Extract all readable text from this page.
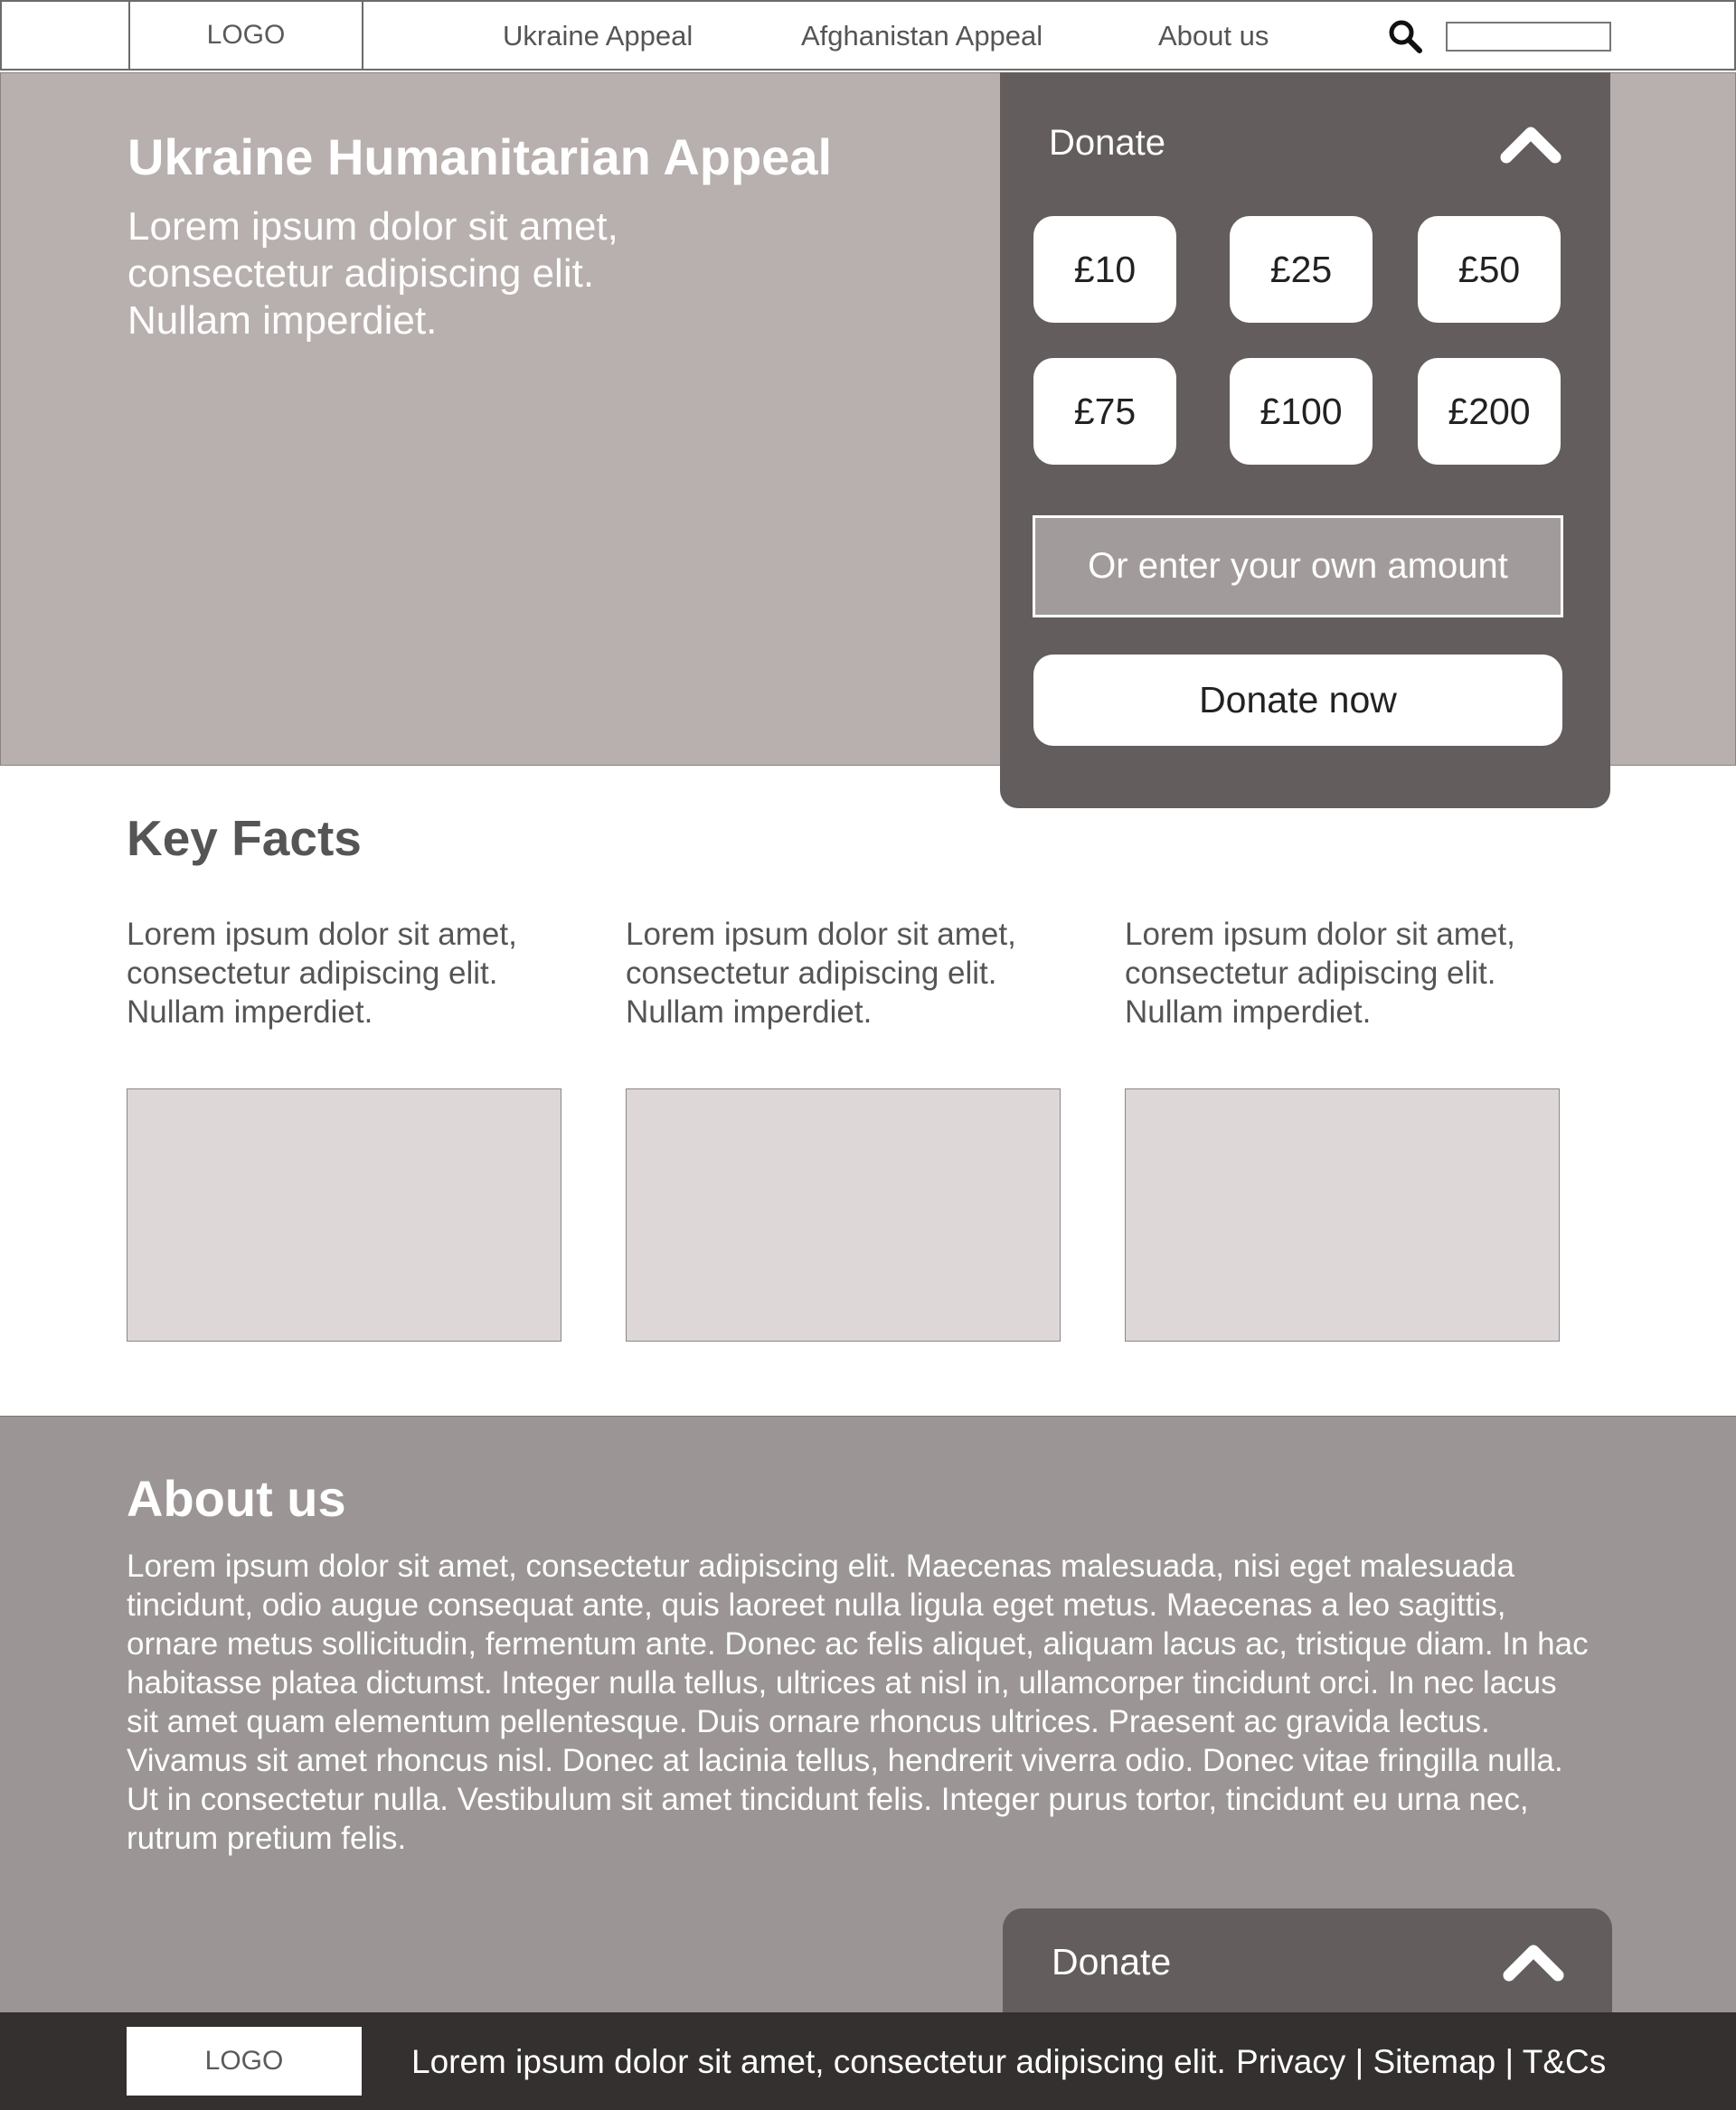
LOGO	Ukraine Appeal	Afghanistan Appeal	About us
Ukraine Humanitarian Appeal

Lorem ipsum dolor sit amet, consectetur adipiscing elit. Nullam imperdiet.

Donate
£10	£25	£50
£75	£100	£200
Or enter your own amount
Donate now
Key Facts

Lorem ipsum dolor sit amet, consectetur adipiscing elit. Nullam imperdiet.

Lorem ipsum dolor sit amet, consectetur adipiscing elit. Nullam imperdiet.

Lorem ipsum dolor sit amet, consectetur adipiscing elit. Nullam imperdiet.

About us

Lorem ipsum dolor sit amet, consectetur adipiscing elit. Maecenas malesuada, nisi eget malesuada tincidunt, odio augue consequat ante, quis laoreet nulla ligula eget metus. Maecenas a leo sagittis, ornare metus sollicitudin, fermentum ante. Donec ac felis aliquet, aliquam lacus ac, tristique diam. In hac habitasse platea dictumst. Integer nulla tellus, ultrices at nisl in, ullamcorper tincidunt orci. In nec lacus sit amet quam elementum pellentesque. Duis ornare rhoncus ultrices. Praesent ac gravida lectus. Vivamus sit amet rhoncus nisl. Donec at lacinia tellus, hendrerit viverra odio. Donec vitae fringilla nulla. Ut in consectetur nulla. Vestibulum sit amet tincidunt felis. Integer purus tortor, tincidunt eu urna nec, rutrum pretium felis.

Donate
LOGO	Lorem ipsum dolor sit amet, consectetur adipiscing elit. Privacy | Sitemap | T&Cs
